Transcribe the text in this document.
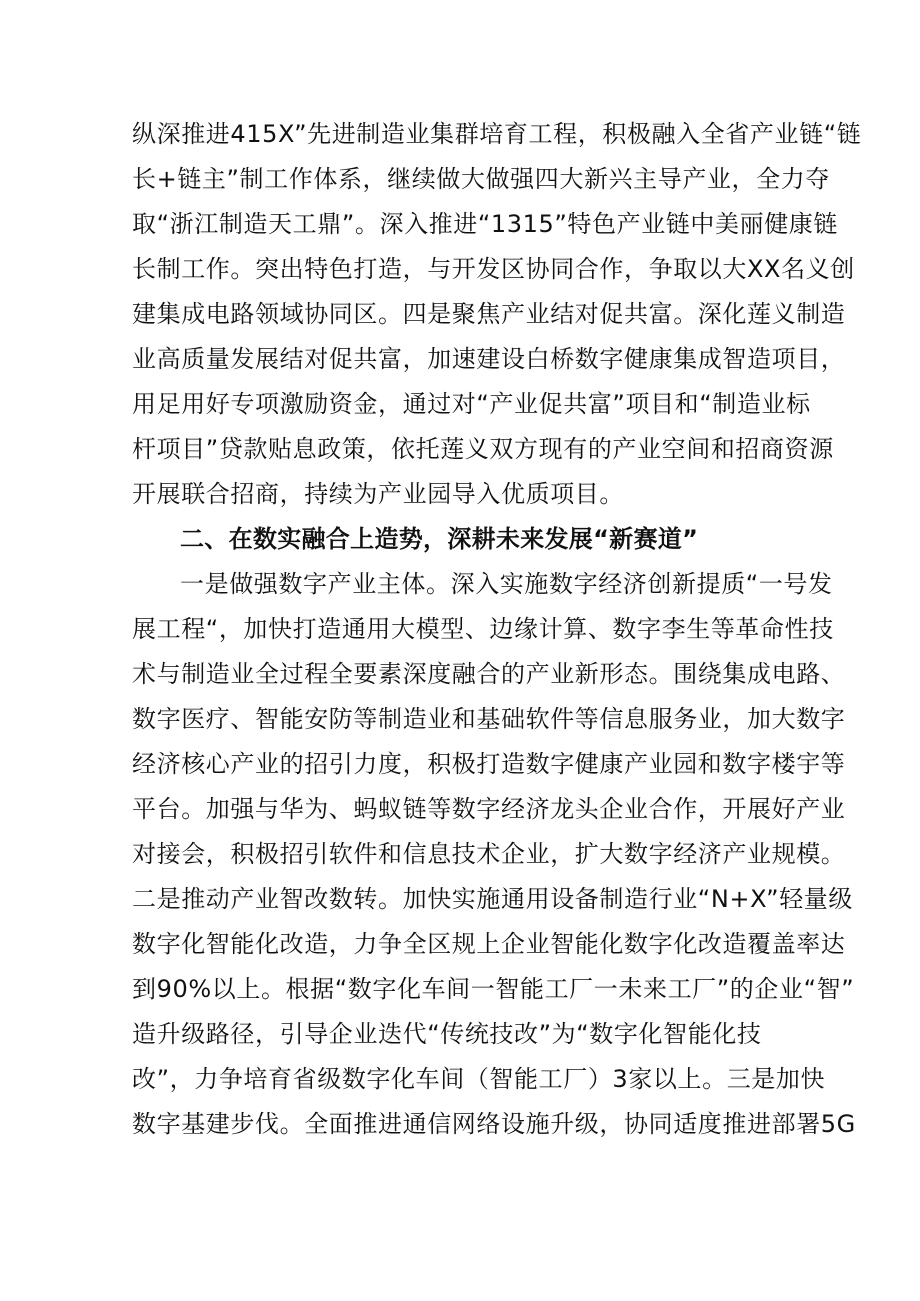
纵深推进415X”先进制造业集群培育工程，积极融入全省产业链“链
长+链主”制工作体系，继续做大做强四大新兴主导产业，全力夺
取“浙江制造天工鼎”。深入推进“1315”特色产业链中美丽健康链
长制工作。突出特色打造，与开发区协同合作，争取以大XX名义创
建集成电路领域协同区。四是聚焦产业结对促共富。深化莲义制造
业高质量发展结对促共富，加速建设白桥数字健康集成智造项目，
用足用好专项激励资金，通过对“产业促共富”项目和“制造业标
杆项目”贷款贴息政策，依托莲义双方现有的产业空间和招商资源
开展联合招商，持续为产业园导入优质项目。
二、在数实融合上造势，深耕未来发展“新赛道”
一是做强数字产业主体。深入实施数字经济创新提质“一号发
展工程“，加快打造通用大模型、边缘计算、数字李生等革命性技
术与制造业全过程全要素深度融合的产业新形态。围绕集成电路、
数字医疗、智能安防等制造业和基础软件等信息服务业，加大数字
经济核心产业的招引力度，积极打造数字健康产业园和数字楼宇等
平台。加强与华为、蚂蚁链等数字经济龙头企业合作，开展好产业
对接会，积极招引软件和信息技术企业，扩大数字经济产业规模。
二是推动产业智改数转。加快实施通用设备制造行业“N+X”轻量级
数字化智能化改造，力争全区规上企业智能化数字化改造覆盖率达
到90%以上。根据“数字化车间一智能工厂一未来工厂”的企业“智”
造升级路径，引导企业迭代“传统技改”为“数字化智能化技
改”，力争培育省级数字化车间（智能工厂）3家以上。三是加快
数字基建步伐。全面推进通信网络设施升级，协同适度推进部署5G
